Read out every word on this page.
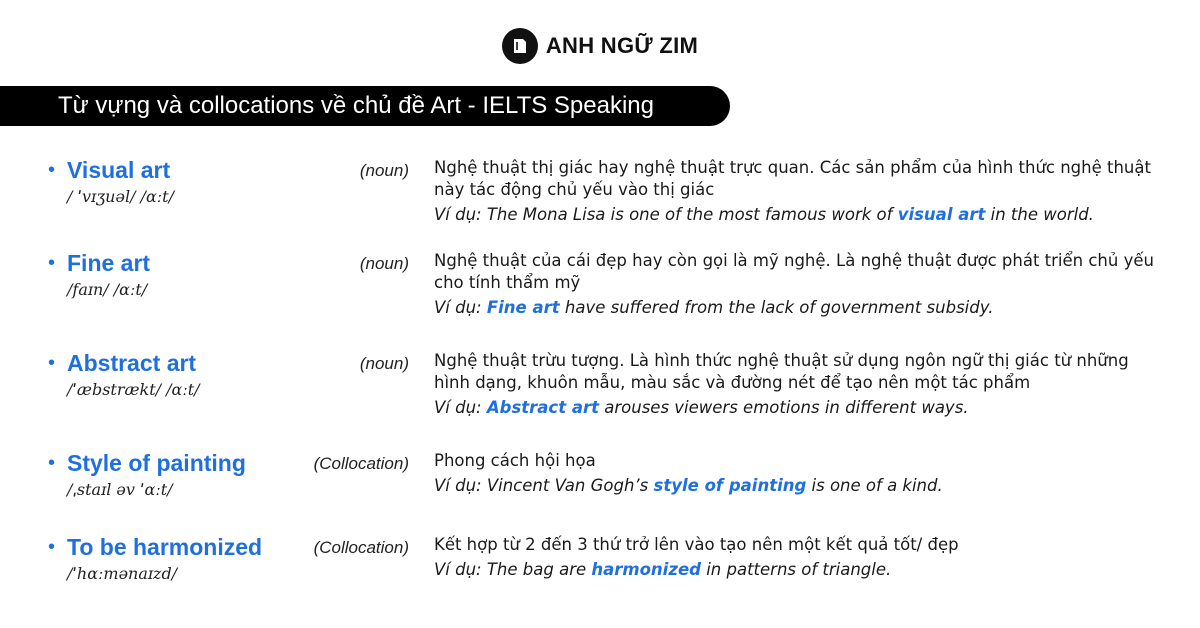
ANH NGỮ ZIM
Từ vựng và collocations về chủ đề Art - IELTS Speaking
• Visual art
/ ˈvɪʒuəl/ /ɑːt/
(noun) Nghệ thuật thị giác hay nghệ thuật trực quan. Các sản phẩm của hình thức nghệ thuật này tác động chủ yếu vào thị giác
Ví dụ: The Mona Lisa is one of the most famous work of visual art in the world.
• Fine art
/faɪn/ /ɑːt/
(noun) Nghệ thuật của cái đẹp hay còn gọi là mỹ nghệ. Là nghệ thuật được phát triển chủ yếu cho tính thẩm mỹ
Ví dụ: Fine art have suffered from the lack of government subsidy.
• Abstract art
/ˈæbstrækt/ /ɑːt/
(noun) Nghệ thuật trừu tượng. Là hình thức nghệ thuật sử dụng ngôn ngữ thị giác từ những hình dạng, khuôn mẫu, màu sắc và đường nét để tạo nên một tác phẩm
Ví dụ: Abstract art arouses viewers emotions in different ways.
• Style of painting
/ˌstaɪl əv ˈɑːt/
(Collocation) Phong cách hội họa
Ví dụ: Vincent Van Gogh’s style of painting is one of a kind.
• To be harmonized
/ˈhɑːmənaɪzd/
(Collocation) Kết hợp từ 2 đến 3 thứ trở lên vào tạo nên một kết quả tốt/ đẹp
Ví dụ: The bag are harmonized in patterns of triangle.
